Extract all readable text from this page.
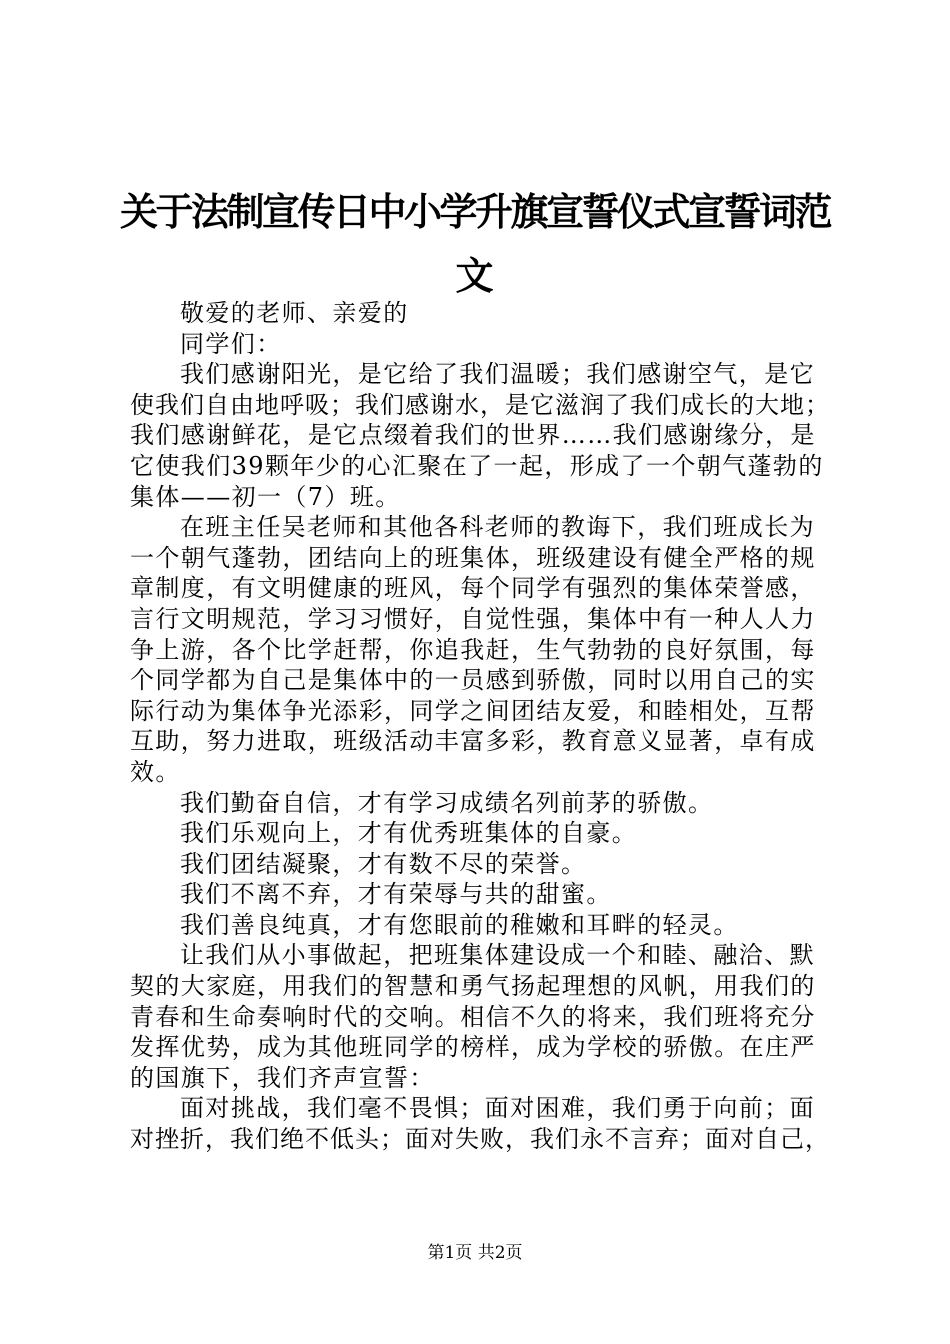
关于法制宣传日中小学升旗宣誓仪式宣誓词范
文
敬爱的老师、亲爱的
同学们：
我们感谢阳光，是它给了我们温暖；我们感谢空气，是它
使我们自由地呼吸；我们感谢水，是它滋润了我们成长的大地；
我们感谢鲜花，是它点缀着我们的世界……我们感谢缘分，是
它使我们39颗年少的心汇聚在了一起，形成了一个朝气蓬勃的
集体——初一（7）班。
在班主任吴老师和其他各科老师的教诲下，我们班成长为
一个朝气蓬勃，团结向上的班集体，班级建设有健全严格的规
章制度，有文明健康的班风，每个同学有强烈的集体荣誉感，
言行文明规范，学习习惯好，自觉性强，集体中有一种人人力
争上游，各个比学赶帮，你追我赶，生气勃勃的良好氛围，每
个同学都为自己是集体中的一员感到骄傲，同时以用自己的实
际行动为集体争光添彩，同学之间团结友爱，和睦相处，互帮
互助，努力进取，班级活动丰富多彩，教育意义显著，卓有成
效。
我们勤奋自信，才有学习成绩名列前茅的骄傲。
我们乐观向上，才有优秀班集体的自豪。
我们团结凝聚，才有数不尽的荣誉。
我们不离不弃，才有荣辱与共的甜蜜。
我们善良纯真，才有您眼前的稚嫩和耳畔的轻灵。
让我们从小事做起，把班集体建设成一个和睦、融洽、默
契的大家庭，用我们的智慧和勇气扬起理想的风帆，用我们的
青春和生命奏响时代的交响。相信不久的将来，我们班将充分
发挥优势，成为其他班同学的榜样，成为学校的骄傲。在庄严
的国旗下，我们齐声宣誓：
面对挑战，我们毫不畏惧；面对困难，我们勇于向前；面
对挫折，我们绝不低头；面对失败，我们永不言弃；面对自己，
第1页 共2页
